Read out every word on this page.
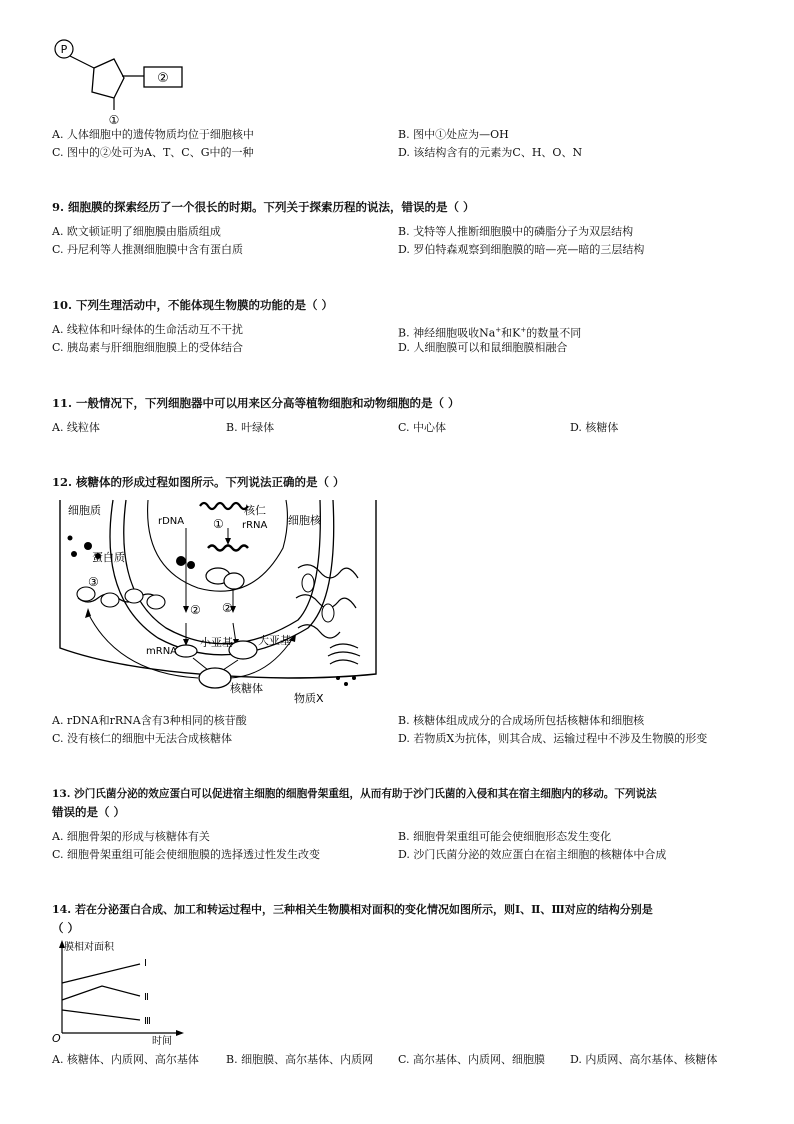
P
②
①
A. 人体细胞中的遗传物质均位于细胞核中	B. 图中①处应为—OH
C. 图中的②处可为A、T、C、G中的一种	D. 该结构含有的元素为C、H、O、N
9. 细胞膜的探索经历了一个很长的时期。下列关于探索历程的说法，错误的是（ ）
A. 欧文顿证明了细胞膜由脂质组成	B. 戈特等人推断细胞膜中的磷脂分子为双层结构
C. 丹尼利等人推测细胞膜中含有蛋白质	D. 罗伯特森观察到细胞膜的暗—亮—暗的三层结构
10. 下列生理活动中，不能体现生物膜的功能的是（ ）
A. 线粒体和叶绿体的生命活动互不干扰	B. 神经细胞吸收Na+和K+的数量不同
C. 胰岛素与肝细胞细胞膜上的受体结合	D. 人细胞膜可以和鼠细胞膜相融合
11. 一般情况下，下列细胞器中可以用来区分高等植物细胞和动物细胞的是（ ）
A. 线粒体	B. 叶绿体	C. 中心体	D. 核糖体
12. 核糖体的形成过程如图所示。下列说法正确的是（ ）
细胞质	核仁
rDNA	rRNA 细胞核
①
蛋白质
③
② ②
小亚基 大亚基
mRNA
核糖体
物质X
A. rDNA和rRNA含有3种相同的核苷酸	B. 核糖体组成成分的合成场所包括核糖体和细胞核
C. 没有核仁的细胞中无法合成核糖体	D. 若物质X为抗体，则其合成、运输过程中不涉及生物膜的形变
13. 沙门氏菌分泌的效应蛋白可以促进宿主细胞的细胞骨架重组，从而有助于沙门氏菌的入侵和其在宿主细胞内的移动。下列说法
错误的是（ ）
A. 细胞骨架的形成与核糖体有关	B. 细胞骨架重组可能会使细胞形态发生变化
C. 细胞骨架重组可能会使细胞膜的选择透过性发生改变	D. 沙门氏菌分泌的效应蛋白在宿主细胞的核糖体中合成
14. 若在分泌蛋白合成、加工和转运过程中，三种相关生物膜相对面积的变化情况如图所示，则Ⅰ、Ⅱ、Ⅲ对应的结构分别是
（ ）
膜相对面积
O	时间
Ⅰ
Ⅱ
Ⅲ
A. 核糖体、内质网、高尔基体 B. 细胞膜、高尔基体、内质网 C. 高尔基体、内质网、细胞膜 D. 内质网、高尔基体、核糖体
